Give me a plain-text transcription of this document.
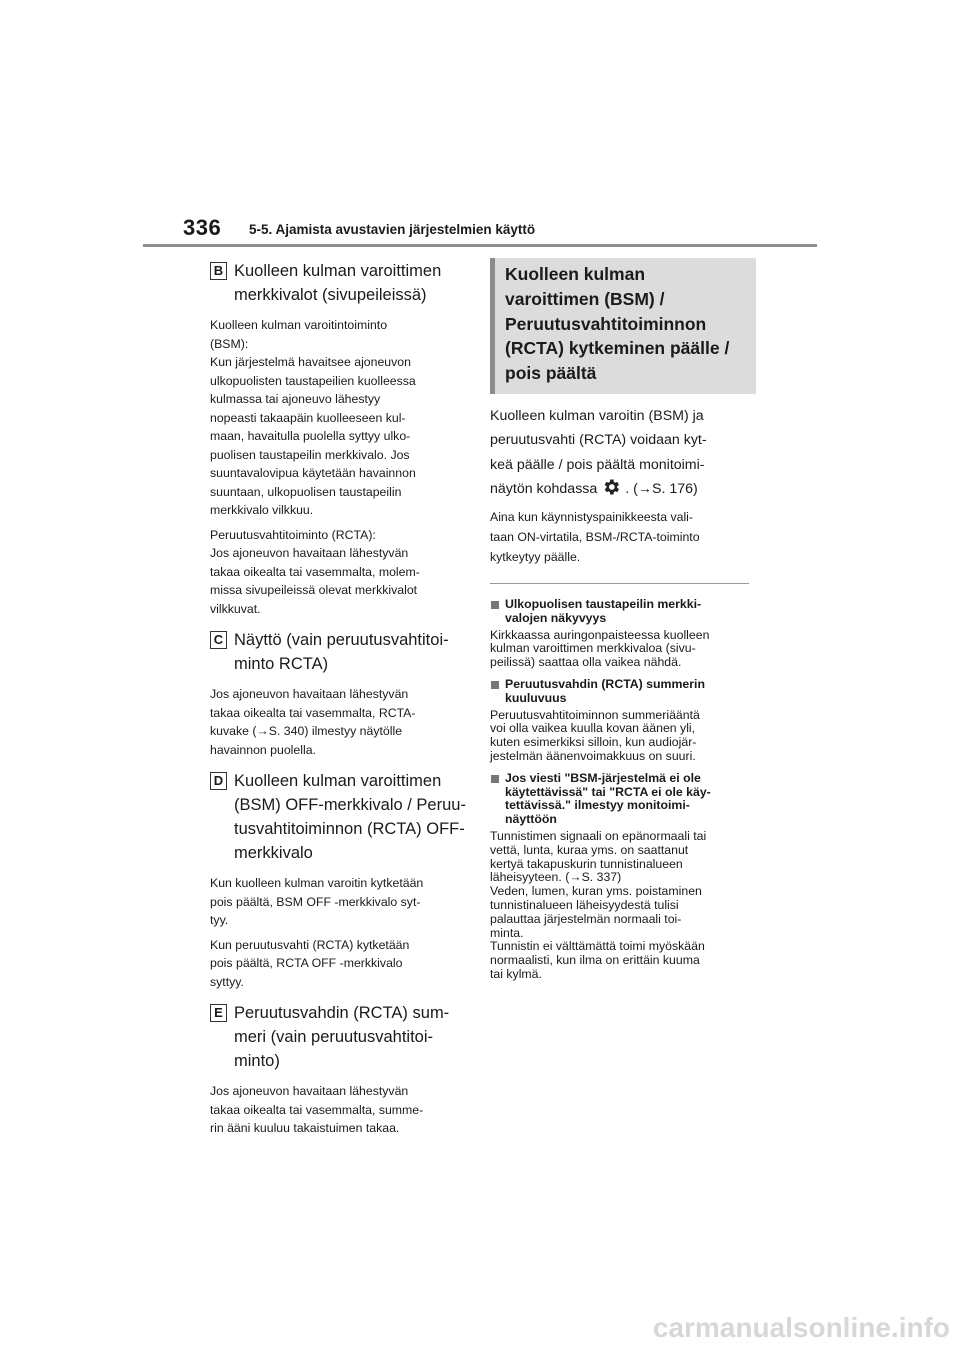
336 5-5. Ajamista avustavien järjestelmien käyttö
B Kuolleen kulman varoittimen
merkkivalot (sivupeileissä)
Kuolleen kulman varoitintoiminto
(BSM):
Kun järjestelmä havaitsee ajoneuvon
ulkopuolisten taustapeilien kuolleessa
kulmassa tai ajoneuvo lähestyy
nopeasti takaapäin kuolleeseen kul-
maan, havaitulla puolella syttyy ulko-
puolisen taustapeilin merkkivalo. Jos
suuntavalovipua käytetään havainnon
suuntaan, ulkopuolisen taustapeilin
merkkivalo vilkkuu.
Peruutusvahtitoiminto (RCTA):
Jos ajoneuvon havaitaan lähestyvän
takaa oikealta tai vasemmalta, molem-
missa sivupeileissä olevat merkkivalot
vilkkuvat.
C Näyttö (vain peruutusvahtitoi-
minto RCTA)
Jos ajoneuvon havaitaan lähestyvän
takaa oikealta tai vasemmalta, RCTA-
kuvake (→S. 340) ilmestyy näytölle
havainnon puolella.
D Kuolleen kulman varoittimen
(BSM) OFF-merkkivalo / Peruu-
tusvahtitoiminnon (RCTA) OFF-
merkkivalo
Kun kuolleen kulman varoitin kytketään
pois päältä, BSM OFF -merkkivalo syt-
tyy.
Kun peruutusvahti (RCTA) kytketään
pois päältä, RCTA OFF -merkkivalo
syttyy.
E Peruutusvahdin (RCTA) sum-
meri (vain peruutusvahtitoi-
minto)
Jos ajoneuvon havaitaan lähestyvän
takaa oikealta tai vasemmalta, summe-
rin ääni kuuluu takaistuimen takaa.
Kuolleen kulman
varoittimen (BSM) /
Peruutusvahtitoiminnon
(RCTA) kytkeminen päälle /
pois päältä
Kuolleen kulman varoitin (BSM) ja
peruutusvahti (RCTA) voidaan kyt-
keä päälle / pois päältä monitoimi-
näytön kohdassa . (→S. 176)
Aina kun käynnistyspainikkeesta vali-
taan ON-virtatila, BSM-/RCTA-toiminto
kytkeytyy päälle.
Ulkopuolisen taustapeilin merkki-
valojen näkyvyys
Kirkkaassa auringonpaisteessa kuolleen
kulman varoittimen merkkivaloa (sivu-
peilissä) saattaa olla vaikea nähdä.
Peruutusvahdin (RCTA) summerin
kuuluvuus
Peruutusvahtitoiminnon summeriääntä
voi olla vaikea kuulla kovan äänen yli,
kuten esimerkiksi silloin, kun audiojär-
jestelmän äänenvoimakkuus on suuri.
Jos viesti "BSM-järjestelmä ei ole
käytettävissä" tai "RCTA ei ole käy-
tettävissä." ilmestyy monitoimi-
näyttöön
Tunnistimen signaali on epänormaali tai
vettä, lunta, kuraa yms. on saattanut
kertyä takapuskurin tunnistinalueen
läheisyyteen. (→S. 337)
Veden, lumen, kuran yms. poistaminen
tunnistinalueen läheisyydestä tulisi
palauttaa järjestelmän normaali toi-
minta.
Tunnistin ei välttämättä toimi myöskään
normaalisti, kun ilma on erittäin kuuma
tai kylmä.
carmanualsonline.info
